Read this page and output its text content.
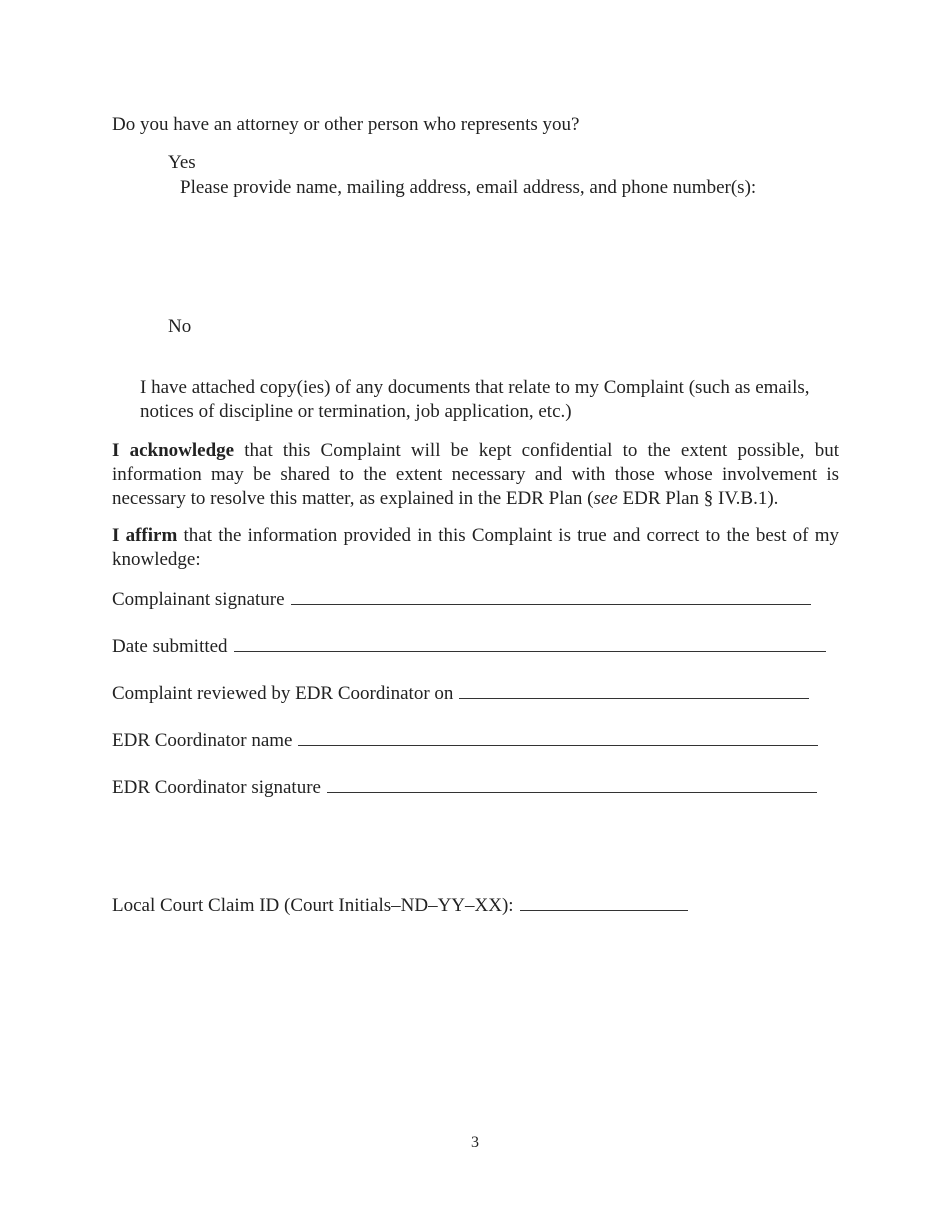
Do you have an attorney or other person who represents you?
Yes
Please provide name, mailing address, email address, and phone number(s):
No
I have attached copy(ies) of any documents that relate to my Complaint (such as emails, notices of discipline or termination, job application, etc.)
I acknowledge that this Complaint will be kept confidential to the extent possible, but information may be shared to the extent necessary and with those whose involvement is necessary to resolve this matter, as explained in the EDR Plan (see EDR Plan § IV.B.1).
I affirm that the information provided in this Complaint is true and correct to the best of my knowledge:
Complainant signature
Date submitted
Complaint reviewed by EDR Coordinator on
EDR Coordinator name
EDR Coordinator signature
Local Court Claim ID (Court Initials–ND–YY–XX):
3
